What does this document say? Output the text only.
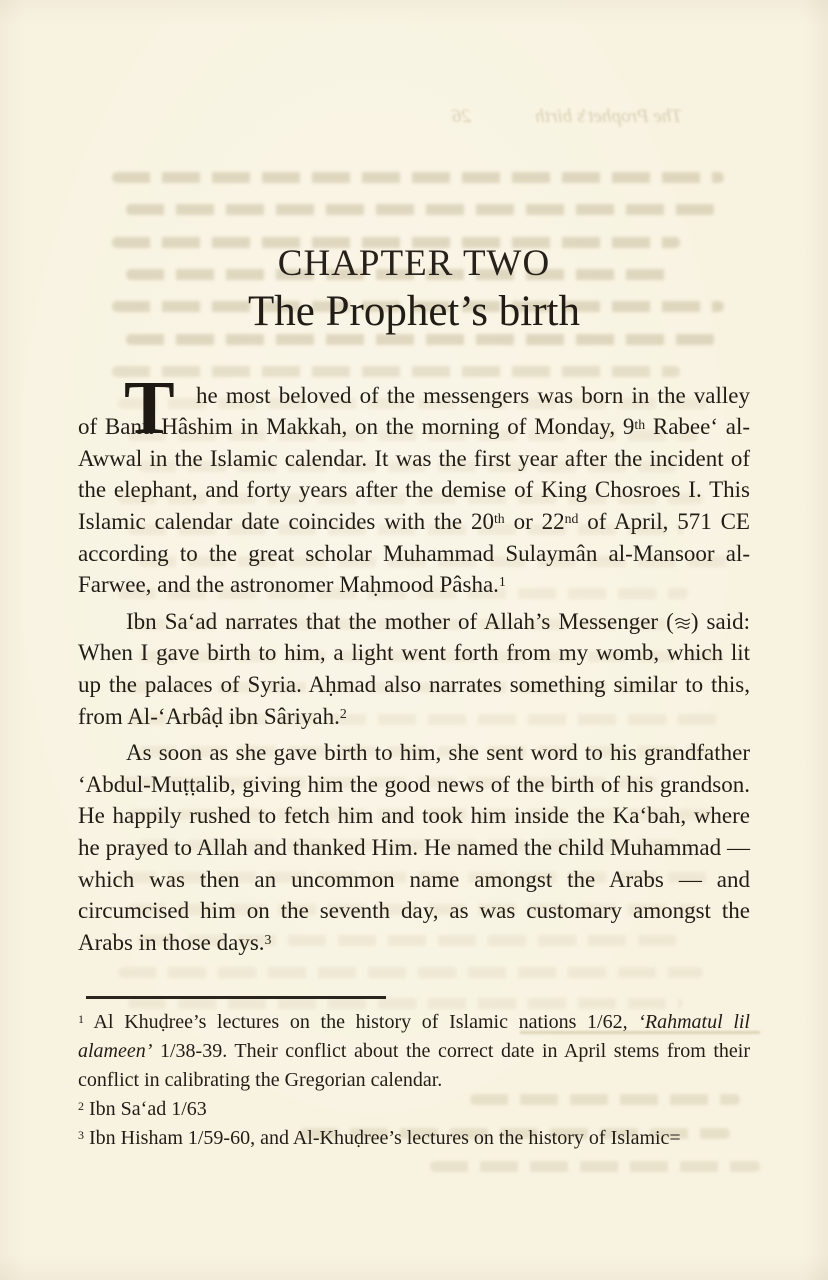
The Prophet’s birth
26
CHAPTER TWO
The Prophet’s birth

T he most beloved of the messengers was born in the valley of Banu Hâshim in Makkah, on the morning of Monday, 9th Rabee‘ al-Awwal in the Islamic calendar. It was the first year after the incident of the elephant, and forty years after the demise of King Chosroes I. This Islamic calendar date coincides with the 20th or 22nd of April, 571 CE according to the great scholar Muhammad Sulaymân al-Mansoor al-Farwee, and the astronomer Maḥmood Pâsha.$^1$

Ibn Sa‘ad narrates that the mother of Allah’s Messenger ( ) said: When I gave birth to him, a light went forth from my womb, which lit up the palaces of Syria. Aḥmad also narrates something similar to this, from Al-‘Arbâḍ ibn Sâriyah.$^2$

As soon as she gave birth to him, she sent word to his grandfather ‘Abdul-Muṭṭalib, giving him the good news of the birth of his grandson. He happily rushed to fetch him and took him inside the Ka‘bah, where he prayed to Allah and thanked Him. He named the child Muhammad — which was then an uncommon name amongst the Arabs — and circumcised him on the seventh day, as was customary amongst the Arabs in those days.$^3$

$^1$ Al Khuḍree’s lectures on the history of Islamic nations 1/62, ‘Rahmatul lil alameen’ 1/38-39. Their conflict about the correct date in April stems from their conflict in calibrating the Gregorian calendar.

$^2$ Ibn Sa‘ad 1/63

$^3$ Ibn Hisham 1/59-60, and Al-Khuḍree’s lectures on the history of Islamic=
